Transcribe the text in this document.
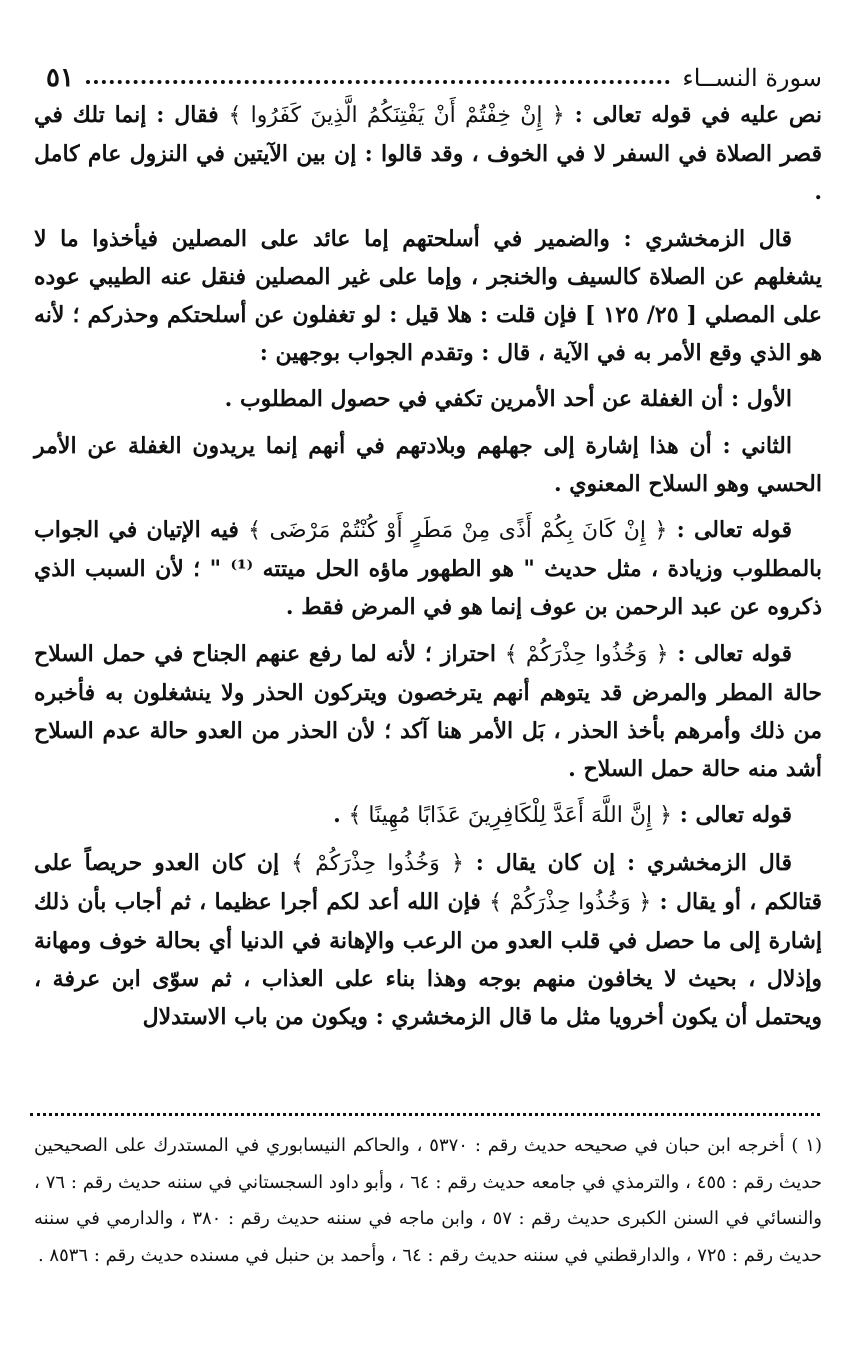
سورة النســاء
٥١

نص عليه في قوله تعالى : ﴿ إِنْ خِفْتُمْ أَنْ يَفْتِنَكُمُ الَّذِينَ كَفَرُوا ﴾ فقال : إنما تلك في قصر الصلاة في السفر لا في الخوف ، وقد قالوا : إن بين الآيتين في النزول عام كامل .

قال الزمخشري : والضمير في أسلحتهم إما عائد على المصلين فيأخذوا ما لا يشغلهم عن الصلاة كالسيف والخنجر ، وإما على غير المصلين فنقل عنه الطيبي عوده على المصلي [ ٢٥/ ١٢٥ ] فإن قلت : هلا قيل : لو تغفلون عن أسلحتكم وحذركم ؛ لأنه هو الذي وقع الأمر به في الآية ، قال : وتقدم الجواب بوجهين :

الأول : أن الغفلة عن أحد الأمرين تكفي في حصول المطلوب .

الثاني : أن هذا إشارة إلى جهلهم وبلادتهم في أنهم إنما يريدون الغفلة عن الأمر الحسي وهو السلاح المعنوي .

قوله تعالى : ﴿ إِنْ كَانَ بِكُمْ أَذًى مِنْ مَطَرٍ أَوْ كُنْتُمْ مَرْضَى ﴾ فيه الإتيان في الجواب بالمطلوب وزيادة ، مثل حديث " هو الطهور ماؤه الحل ميتته ⁽¹⁾ " ؛ لأن السبب الذي ذكروه عن عبد الرحمن بن عوف إنما هو في المرض فقط .

قوله تعالى : ﴿ وَخُذُوا حِذْرَكُمْ ﴾ احتراز ؛ لأنه لما رفع عنهم الجناح في حمل السلاح حالة المطر والمرض قد يتوهم أنهم يترخصون ويتركون الحذر ولا ينشغلون به فأخبره من ذلك وأمرهم بأخذ الحذر ، بَل الأمر هنا آكد ؛ لأن الحذر من العدو حالة عدم السلاح أشد منه حالة حمل السلاح .

قوله تعالى : ﴿ إِنَّ اللَّهَ أَعَدَّ لِلْكَافِرِينَ عَذَابًا مُهِينًا ﴾ .

قال الزمخشري : إن كان يقال : ﴿ وَخُذُوا حِذْرَكُمْ ﴾ إن كان العدو حريصاً على قتالكم ، أو يقال : ﴿ وَخُذُوا حِذْرَكُمْ ﴾ فإن الله أعد لكم أجرا عظيما ، ثم أجاب بأن ذلك إشارة إلى ما حصل في قلب العدو من الرعب والإهانة في الدنيا أي بحالة خوف ومهانة وإذلال ، بحيث لا يخافون منهم بوجه وهذا بناء على العذاب ، ثم سوّى ابن عرفة ، ويحتمل أن يكون أخرويا مثل ما قال الزمخشري : ويكون من باب الاستدلال

(١ ) أخرجه ابن حبان في صحيحه حديث رقم : ٥٣٧٠ ، والحاكم النيسابوري في المستدرك على الصحيحين حديث رقم : ٤٥٥ ، والترمذي في جامعه حديث رقم : ٦٤ ، وأبو داود السجستاني في سننه حديث رقم : ٧٦ ، والنسائي في السنن الكبرى حديث رقم : ٥٧ ، وابن ماجه في سننه حديث رقم : ٣٨٠ ، والدارمي في سننه حديث رقم : ٧٢٥ ، والدارقطني في سننه حديث رقم : ٦٤ ، وأحمد بن حنبل في مسنده حديث رقم : ٨٥٣٦ .
